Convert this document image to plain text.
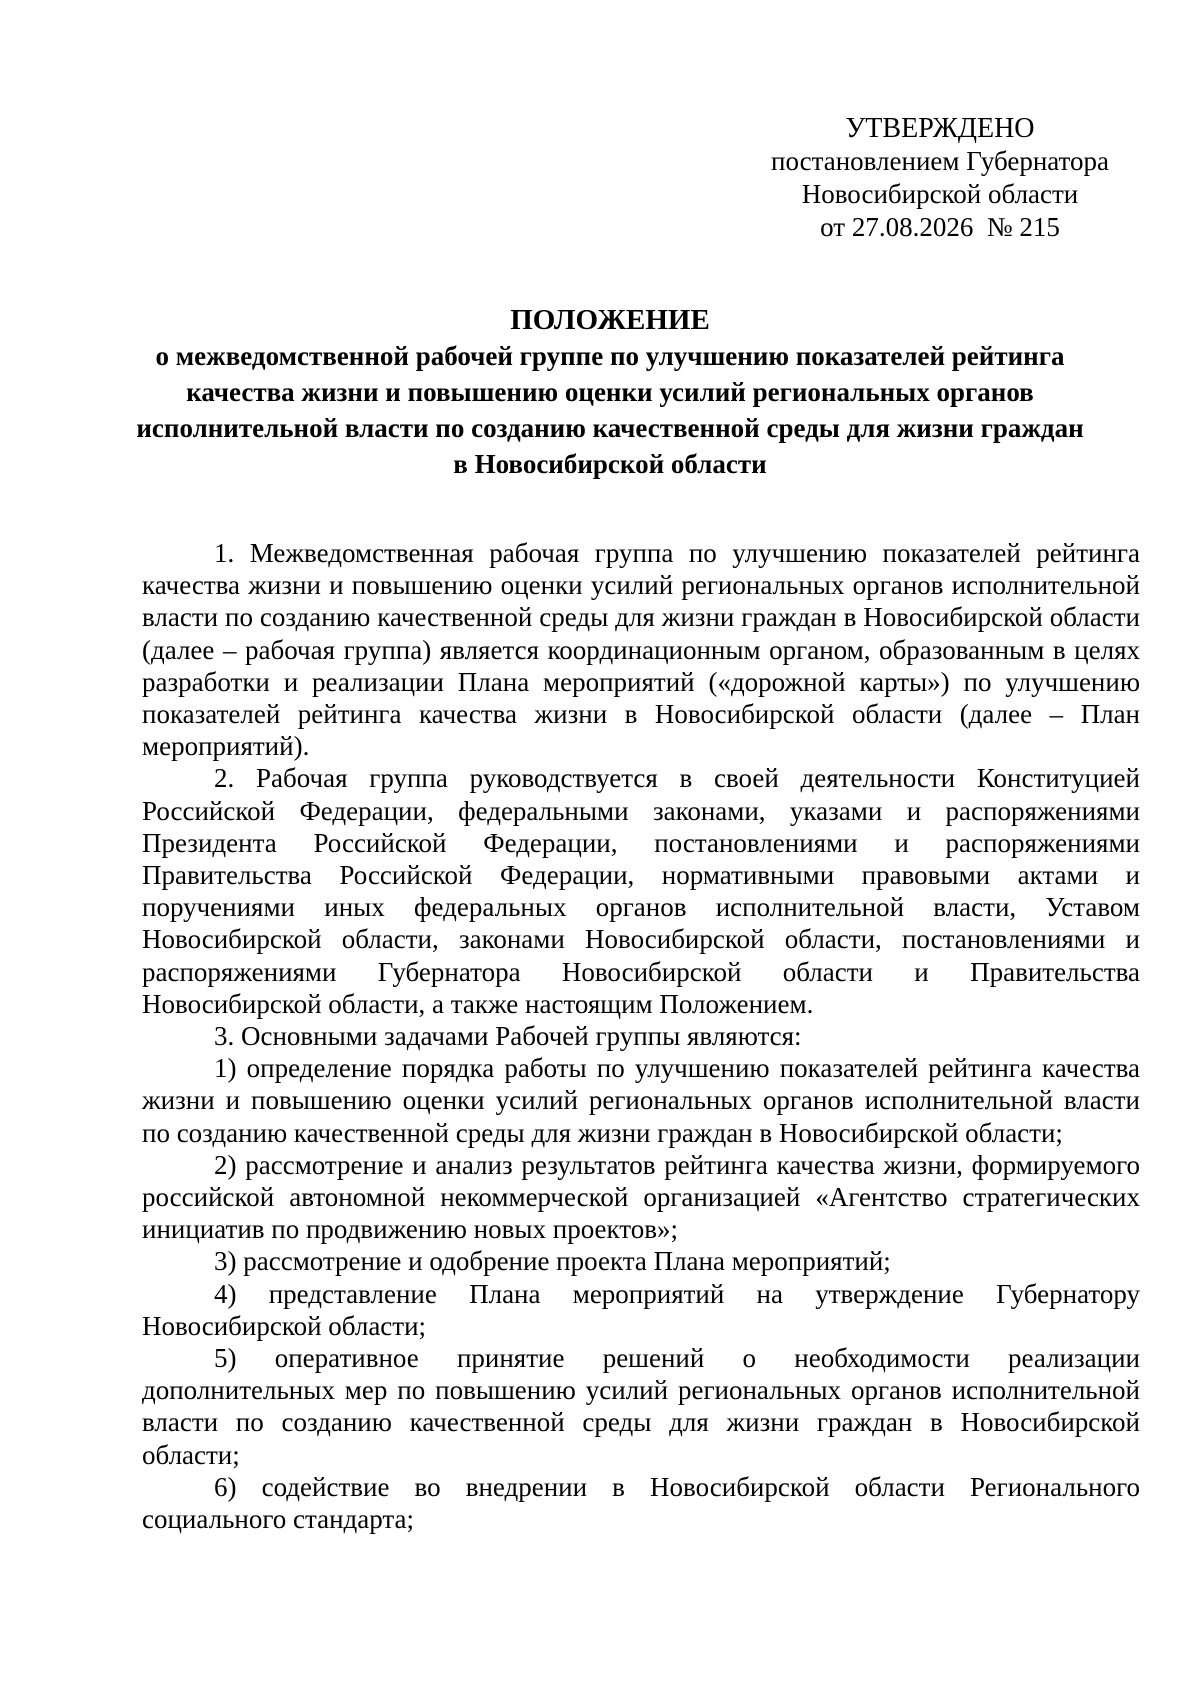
УТВЕРЖДЕНО
постановлением Губернатора
Новосибирской области
от 27.08.2026  № 215
ПОЛОЖЕНИЕ
о межведомственной рабочей группе по улучшению показателей рейтинга
качества жизни и повышению оценки усилий региональных органов
исполнительной власти по созданию качественной среды для жизни граждан
в Новосибирской области

1. Межведомственная рабочая группа по улучшению показателей рейтинга качества жизни и повышению оценки усилий региональных органов исполнительной власти по созданию качественной среды для жизни граждан в Новосибирской области (далее – рабочая группа) является координационным органом, образованным в целях разработки и реализации Плана мероприятий («дорожной карты») по улучшению показателей рейтинга качества жизни в Новосибирской области (далее – План мероприятий).

2. Рабочая группа руководствуется в своей деятельности Конституцией Российской Федерации, федеральными законами, указами и распоряжениями Президента Российской Федерации, постановлениями и распоряжениями Правительства Российской Федерации, нормативными правовыми актами и поручениями иных федеральных органов исполнительной власти, Уставом Новосибирской области, законами Новосибирской области, постановлениями и распоряжениями Губернатора Новосибирской области и Правительства Новосибирской области, а также настоящим Положением.

3. Основными задачами Рабочей группы являются:

1) определение порядка работы по улучшению показателей рейтинга качества жизни и повышению оценки усилий региональных органов исполнительной власти по созданию качественной среды для жизни граждан в Новосибирской области;

2) рассмотрение и анализ результатов рейтинга качества жизни, формируемого российской автономной некоммерческой организацией «Агентство стратегических инициатив по продвижению новых проектов»;

3) рассмотрение и одобрение проекта Плана мероприятий;

4) представление Плана мероприятий на утверждение Губернатору Новосибирской области;

5) оперативное принятие решений о необходимости реализации дополнительных мер по повышению усилий региональных органов исполнительной власти по созданию качественной среды для жизни граждан в Новосибирской области;

6) содействие во внедрении в Новосибирской области Регионального социального стандарта;
